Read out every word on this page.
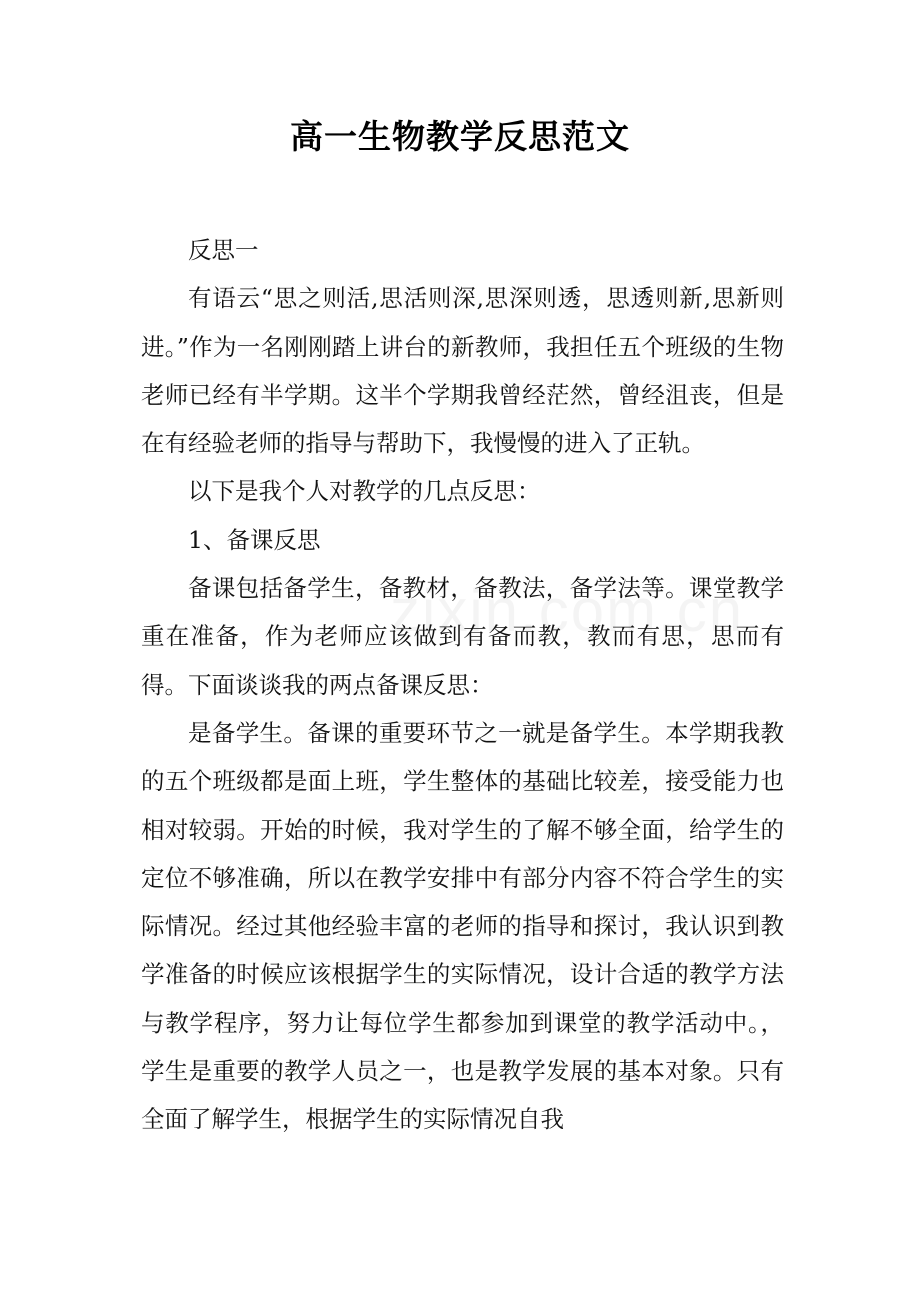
高一生物教学反思范文

反思一

有语云“思之则活,思活则深,思深则透，思透则新,思新则进。”作为一名刚刚踏上讲台的新教师，我担任五个班级的生物老师已经有半学期。这半个学期我曾经茫然，曾经沮丧，但是在有经验老师的指导与帮助下，我慢慢的进入了正轨。

以下是我个人对教学的几点反思：

1、备课反思

备课包括备学生，备教材，备教法，备学法等。课堂教学重在准备，作为老师应该做到有备而教，教而有思，思而有得。下面谈谈我的两点备课反思：

是备学生。备课的重要环节之一就是备学生。本学期我教的五个班级都是面上班，学生整体的基础比较差，接受能力也相对较弱。开始的时候，我对学生的了解不够全面，给学生的定位不够准确，所以在教学安排中有部分内容不符合学生的实际情况。经过其他经验丰富的老师的指导和探讨，我认识到教学准备的时候应该根据学生的实际情况，设计合适的教学方法与教学程序，努力让每位学生都参加到课堂的教学活动中。，学生是重要的教学人员之一，也是教学发展的基本对象。只有全面了解学生，根据学生的实际情况自我
